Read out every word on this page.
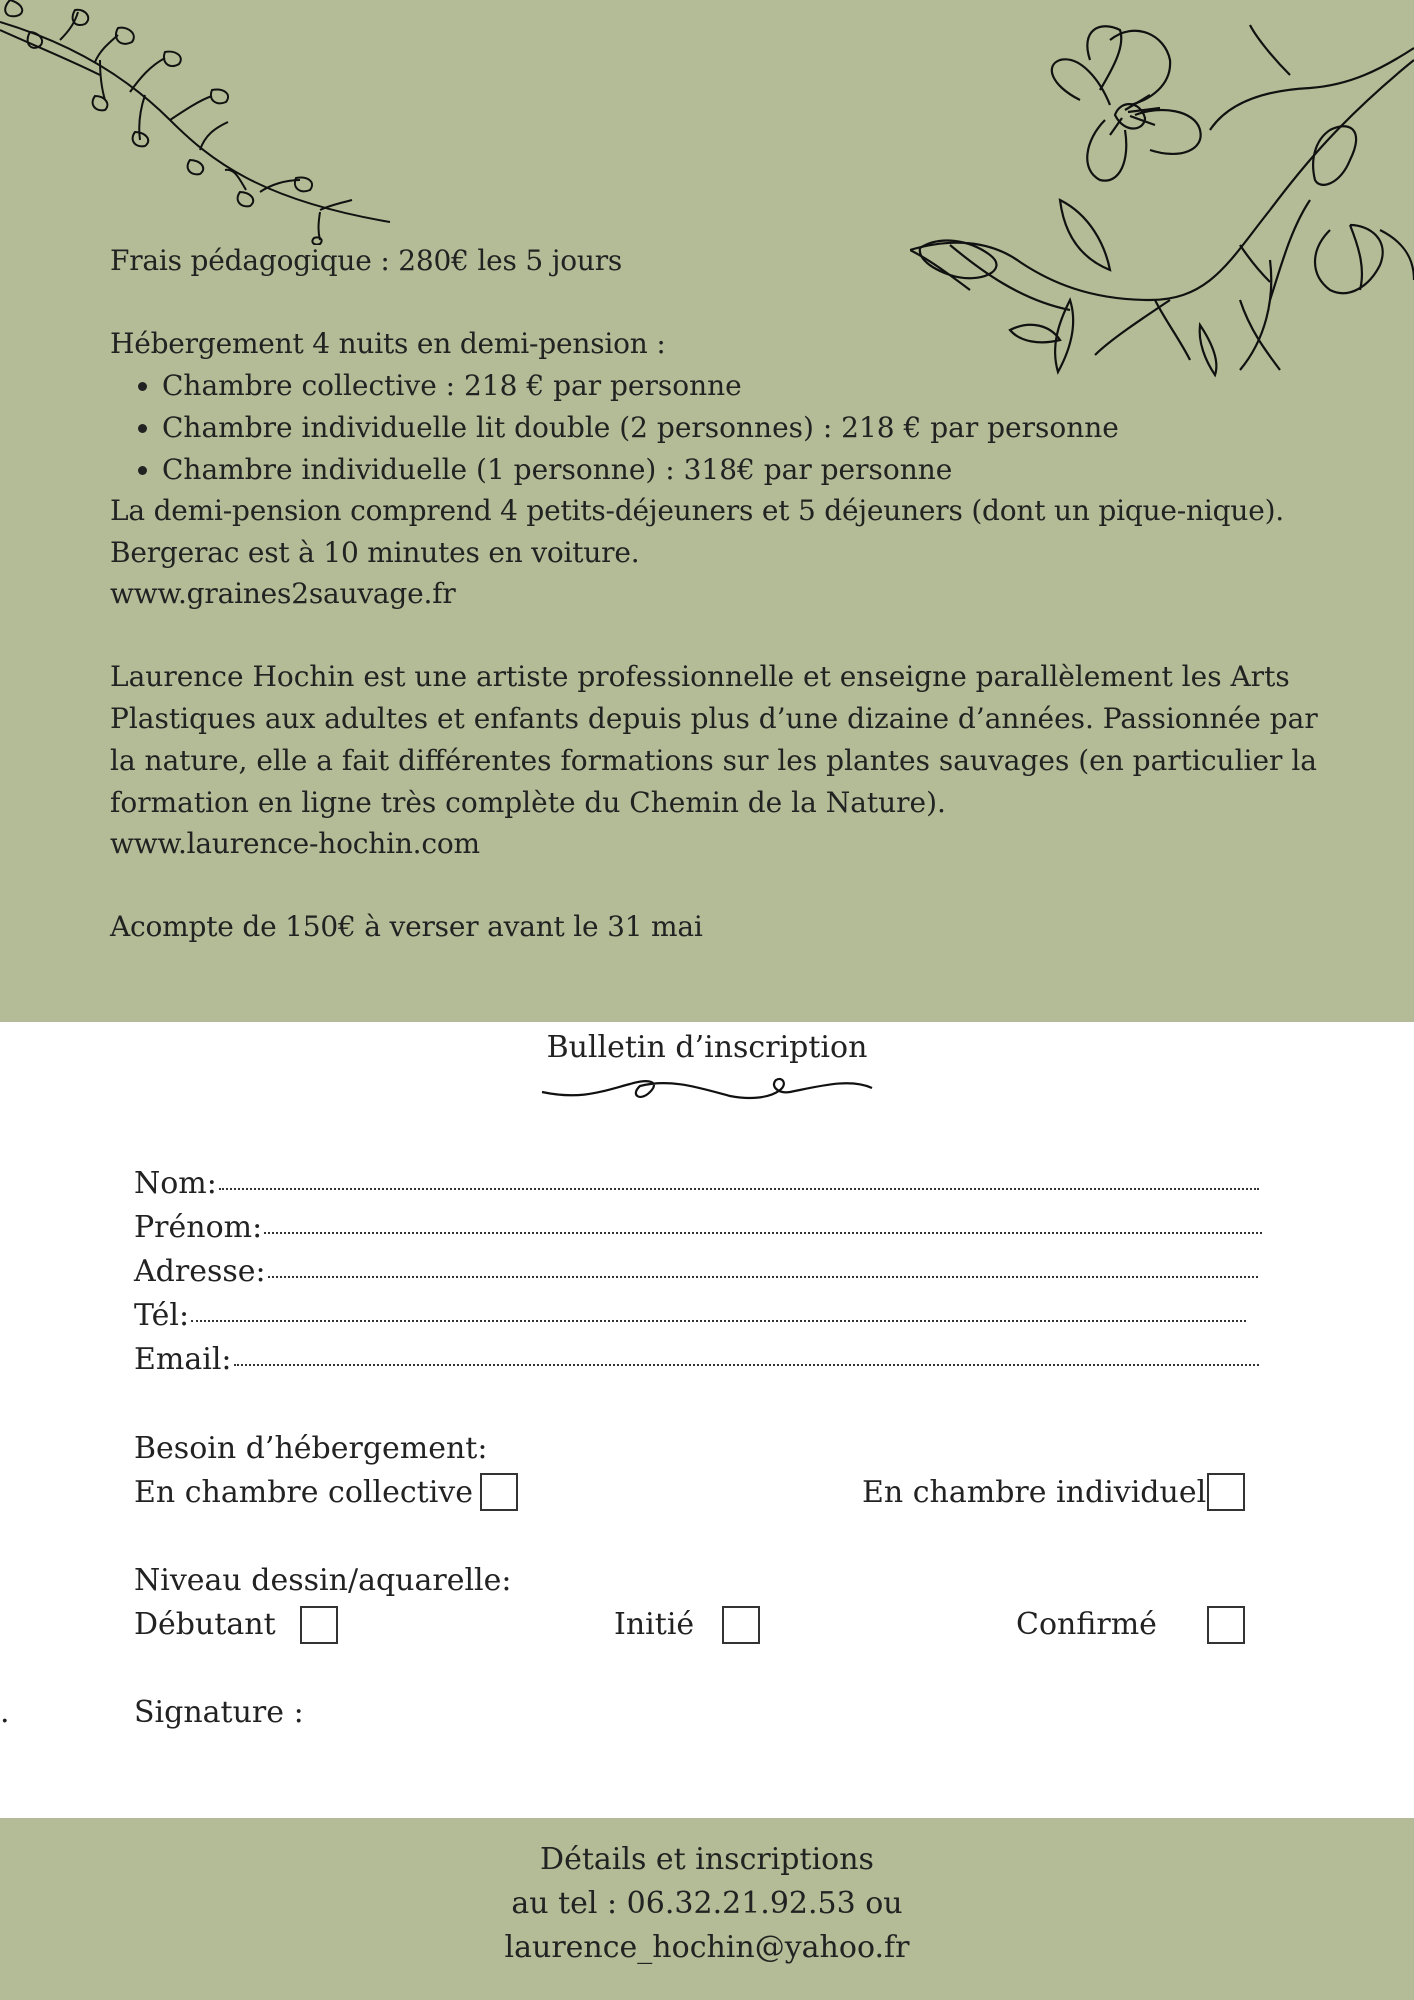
Frais pédagogique : 280€ les 5 jours
Hébergement 4 nuits en demi-pension :
• Chambre collective : 218 € par personne
• Chambre individuelle lit double (2 personnes) : 218 € par personne
• Chambre individuelle (1 personne) : 318€ par personne
La demi-pension comprend 4 petits-déjeuners et 5 déjeuners (dont un pique-nique).
Bergerac est à 10 minutes en voiture.
www.graines2sauvage.fr

Laurence Hochin est une artiste professionnelle et enseigne parallèlement les Arts Plastiques aux adultes et enfants depuis plus d’une dizaine d’années. Passionnée par la nature, elle a fait différentes formations sur les plantes sauvages (en particulier la formation en ligne très complète du Chemin de la Nature).

www.laurence-hochin.com
Acompte de 150€ à verser avant le 31 mai
Bulletin d’inscription
Nom:
Prénom:
Adresse:
Tél:
Email:
Besoin d’hébergement:
En chambre collective	En chambre individuel
Niveau dessin/aquarelle:
Débutant	Initié	Confirmé
.	Signature :
Détails et inscriptions
au tel : 06.32.21.92.53 ou
laurence_hochin@yahoo.fr
